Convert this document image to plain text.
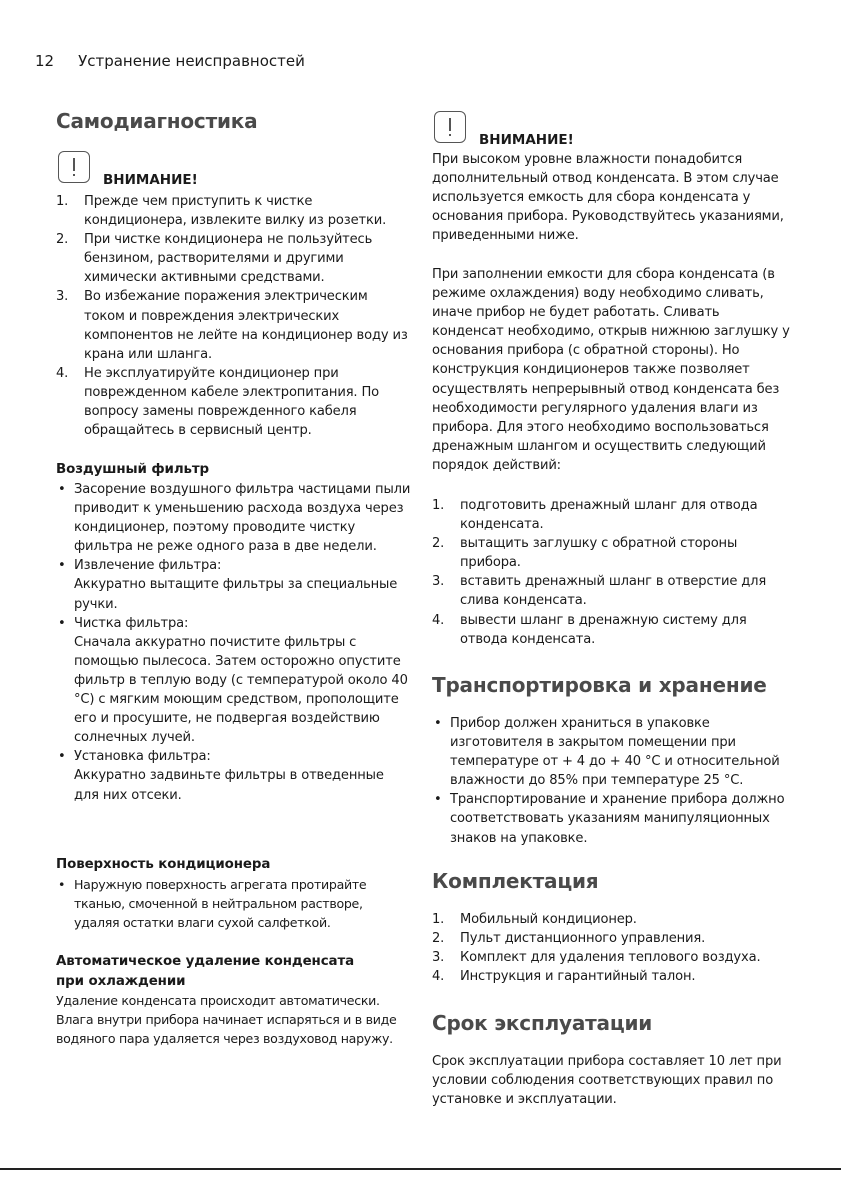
12 Устранение неисправностей
Самодиагностика
ВНИМАНИЕ!
1. Прежде чем приступить к чистке кондиционера, извлеките вилку из розетки.
2. При чистке кондиционера не пользуйтесь бензином, растворителями и другими химически активными средствами.
3. Во избежание поражения электрическим током и повреждения электрических компонентов не лейте на кондиционер воду из крана или шланга.
4. Не эксплуатируйте кондиционер при поврежденном кабеле электропитания. По вопросу замены поврежденного кабеля обращайтесь в сервисный центр.
Воздушный фильтр
• Засорение воздушного фильтра частицами пыли приводит к уменьшению расхода воздуха через кондиционер, поэтому проводите чистку фильтра не реже одного раза в две недели.
• Извлечение фильтра:
Аккуратно вытащите фильтры за специальные ручки.
• Чистка фильтра:
Сначала аккуратно почистите фильтры с помощью пылесоса. Затем осторожно опустите фильтр в теплую воду (с температурой около 40 °С) с мягким моющим средством, прополощите его и просушите, не подвергая воздействию солнечных лучей.
• Установка фильтра:
Аккуратно задвиньте фильтры в отведенные для них отсеки.
Поверхность кондиционера
• Наружную поверхность агрегата протирайте тканью, смоченной в нейтральном растворе, удаляя остатки влаги сухой салфеткой.
Автоматическое удаление конденсата при охлаждении
Удаление конденсата происходит автоматически. Влага внутри прибора начинает испаряться и в виде водяного пара удаляется через воздуховод наружу.
ВНИМАНИЕ!
При высоком уровне влажности понадобится дополнительный отвод конденсата. В этом случае используется емкость для сбора конденсата у основания прибора. Руководствуйтесь указаниями, приведенными ниже.
При заполнении емкости для сбора конденсата (в режиме охлаждения) воду необходимо сливать, иначе прибор не будет работать. Сливать конденсат необходимо, открыв нижнюю заглушку у основания прибора (с обратной стороны). Но конструкция кондиционеров также позволяет осуществлять непрерывный отвод конденсата без необходимости регулярного удаления влаги из прибора. Для этого необходимо воспользоваться дренажным шлангом и осуществить следующий порядок действий:
1. подготовить дренажный шланг для отвода конденсата.
2. вытащить заглушку с обратной стороны прибора.
3. вставить дренажный шланг в отверстие для слива конденсата.
4. вывести шланг в дренажную систему для отвода конденсата.
Транспортировка и хранение
• Прибор должен храниться в упаковке изготовителя в закрытом помещении при температуре от + 4 до + 40 °С и относительной влажности до 85% при температуре 25 °С.
• Транспортирование и хранение прибора должно соответствовать указаниям манипуляционных знаков на упаковке.
Комплектация
1. Мобильный кондиционер.
2. Пульт дистанционного управления.
3. Комплект для удаления теплового воздуха.
4. Инструкция и гарантийный талон.
Срок эксплуатации
Срок эксплуатации прибора составляет 10 лет при условии соблюдения соответствующих правил по установке и эксплуатации.
